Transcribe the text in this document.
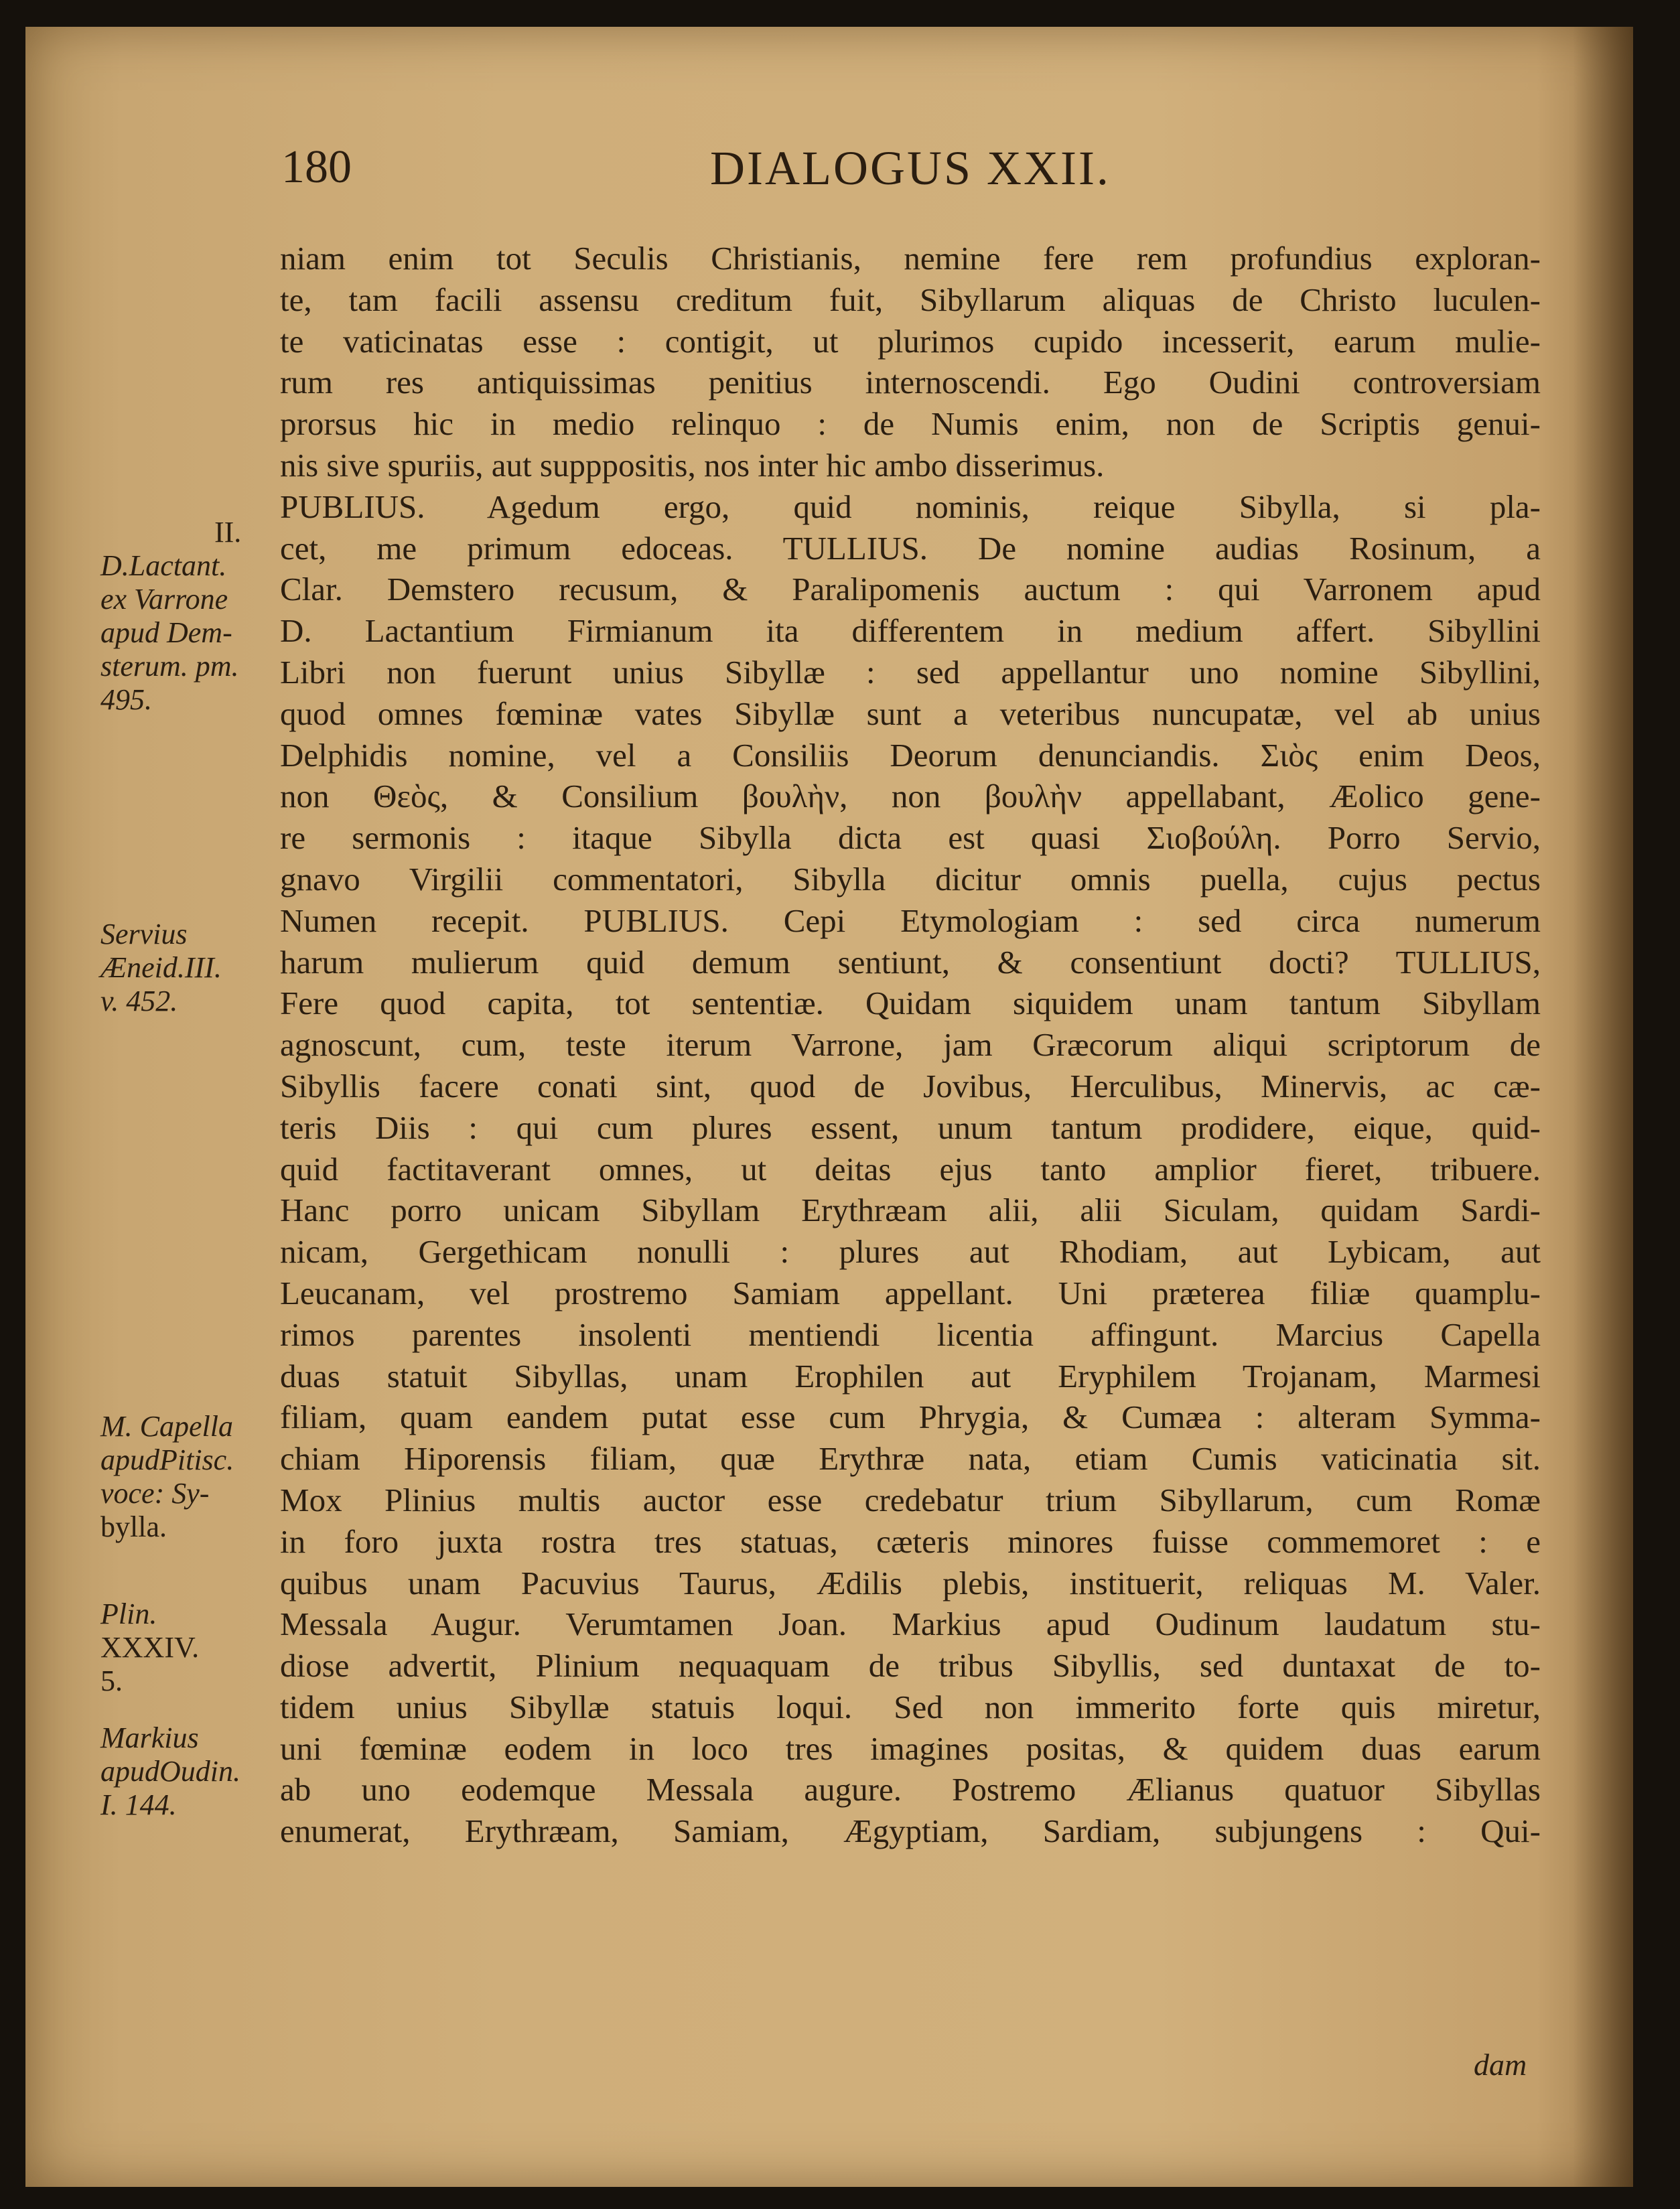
180	DIALOGUS XXII.
niam enim tot Seculis Christianis, nemine fere rem profundius exploran-
te, tam facili assensu creditum fuit, Sibyllarum aliquas de Christo luculen-
te vaticinatas esse : contigit, ut plurimos cupido incesserit, earum mulie-
rum res antiquissimas penitius internoscendi. Ego Oudini controversiam
prorsus hic in medio relinquo : de Numis enim, non de Scriptis genui-
nis sive spuriis, aut supppositis, nos inter hic ambo disserimus.
PUBLIUS. Agedum ergo, quid nominis, reique Sibylla, si pla-
cet, me primum edoceas. TULLIUS. De nomine audias Rosinum, a
Clar. Demstero recusum, & Paralipomenis auctum : qui Varronem apud
D. Lactantium Firmianum ita differentem in medium affert. Sibyllini
Libri non fuerunt unius Sibyllæ : sed appellantur uno nomine Sibyllini,
quod omnes fœminæ vates Sibyllæ sunt a veteribus nuncupatæ, vel ab unius
Delphidis nomine, vel a Consiliis Deorum denunciandis. Σιὸς enim Deos,
non Θεὸς, & Consilium βουλὴν, non βουλὴν appellabant, Æolico gene-
re sermonis : itaque Sibylla dicta est quasi Σιοβούλη. Porro Servio,
gnavo Virgilii commentatori, Sibylla dicitur omnis puella, cujus pectus
Numen recepit. PUBLIUS. Cepi Etymologiam : sed circa numerum
harum mulierum quid demum sentiunt, & consentiunt docti? TULLIUS,
Fere quod capita, tot sententiæ. Quidam siquidem unam tantum Sibyllam
agnoscunt, cum, teste iterum Varrone, jam Græcorum aliqui scriptorum de
Sibyllis facere conati sint, quod de Jovibus, Herculibus, Minervis, ac cæ-
teris Diis : qui cum plures essent, unum tantum prodidere, eique, quid-
quid factitaverant omnes, ut deitas ejus tanto amplior fieret, tribuere.
Hanc porro unicam Sibyllam Erythræam alii, alii Siculam, quidam Sardi-
nicam, Gergethicam nonulli : plures aut Rhodiam, aut Lybicam, aut
Leucanam, vel prostremo Samiam appellant. Uni præterea filiæ quamplu-
rimos parentes insolenti mentiendi licentia affingunt. Marcius Capella
duas statuit Sibyllas, unam Erophilen aut Eryphilem Trojanam, Marmesi
filiam, quam eandem putat esse cum Phrygia, & Cumæa : alteram Symma-
chiam Hiporensis filiam, quæ Erythræ nata, etiam Cumis vaticinatia sit.
Mox Plinius multis auctor esse credebatur trium Sibyllarum, cum Romæ
in foro juxta rostra tres statuas, cæteris minores fuisse commemoret : e
quibus unam Pacuvius Taurus, Ædilis plebis, instituerit, reliquas M. Valer.
Messala Augur. Verumtamen Joan. Markius apud Oudinum laudatum stu-
diose advertit, Plinium nequaquam de tribus Sibyllis, sed duntaxat de to-
tidem unius Sibyllæ statuis loqui. Sed non immerito forte quis miretur,
uni fœminæ eodem in loco tres imagines positas, & quidem duas earum
ab uno eodemque Messala augure. Postremo Ælianus quatuor Sibyllas
enumerat, Erythræam, Samiam, Ægyptiam, Sardiam, subjungens : Qui-
II.
D.Lactant.
ex Varrone
apud Dem-
sterum. pm.
495.
Servius
Æneid.III.
v. 452.
M. Capella
apudPitisc.
voce: Sy-
bylla.
Plin.
XXXIV.
5.
Markius
apudOudin.
I. 144.
dam
